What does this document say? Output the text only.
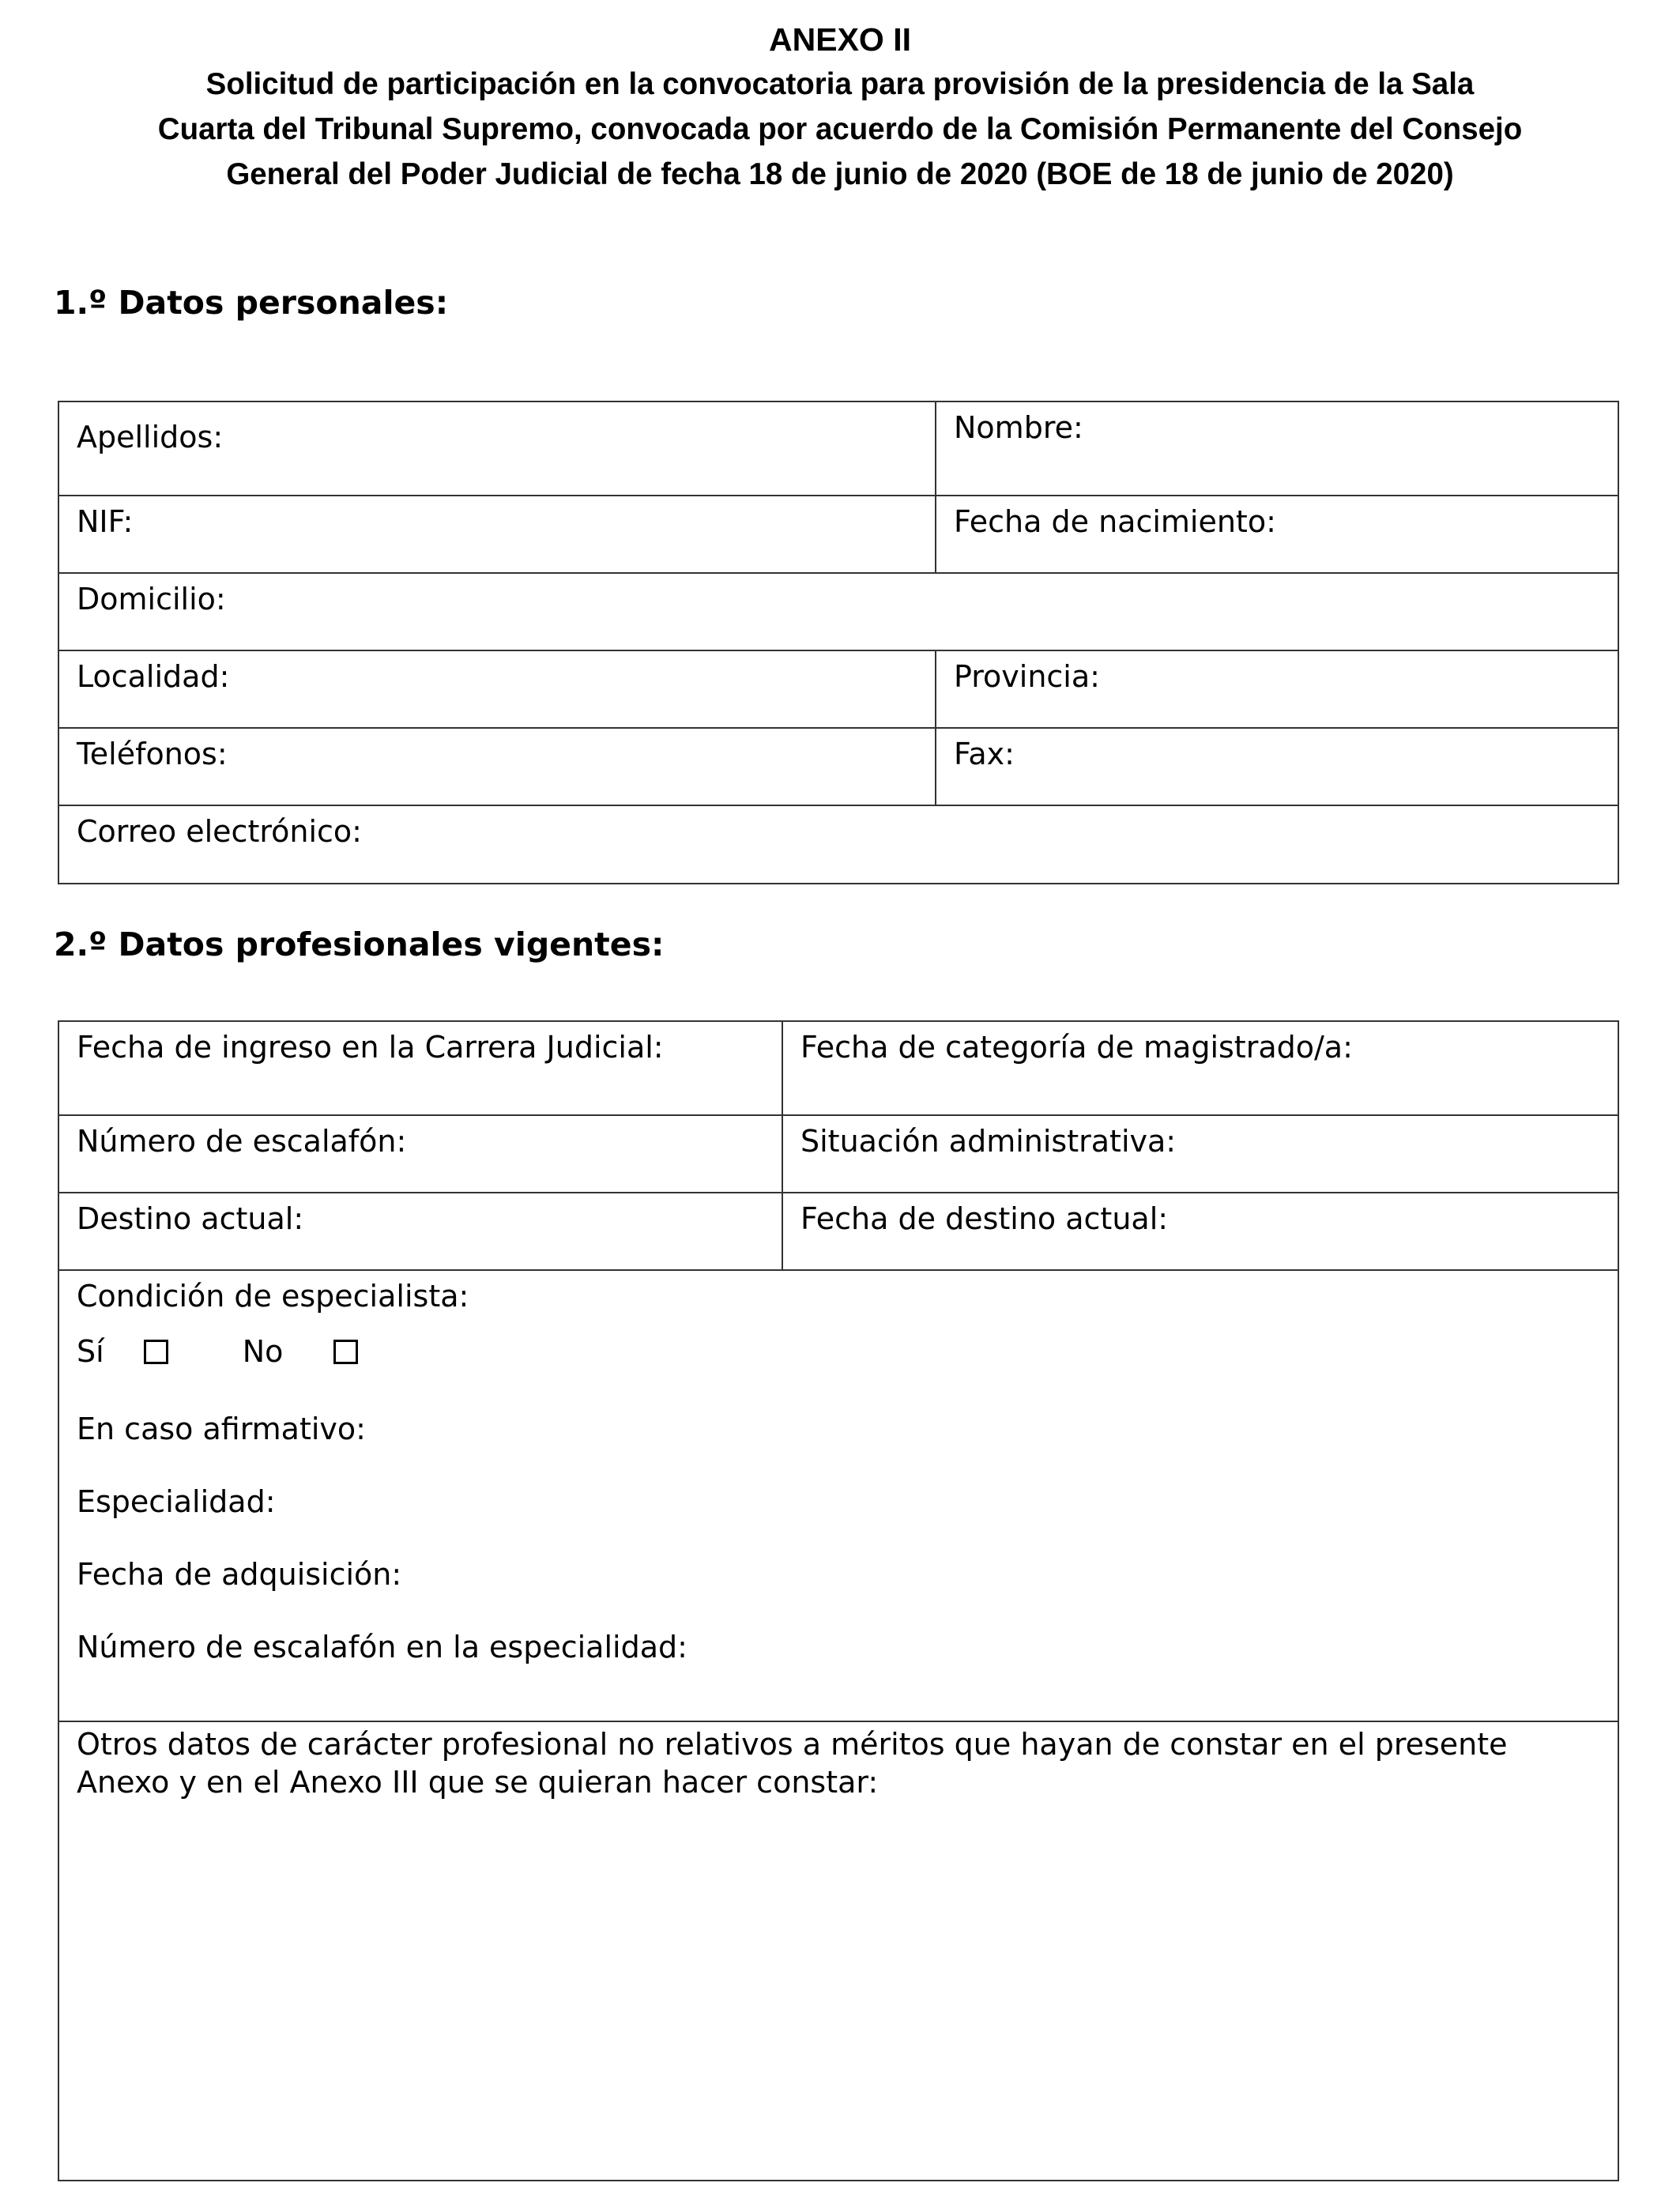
ANEXO II
Solicitud de participación en la convocatoria para provisión de la presidencia de la Sala
Cuarta del Tribunal Supremo, convocada por acuerdo de la Comisión Permanente del Consejo
General del Poder Judicial de fecha 18 de junio de 2020 (BOE de 18 de junio de 2020)
1.º Datos personales:
Apellidos:	Nombre:
NIF:	Fecha de nacimiento:
Domicilio:
Localidad:	Provincia:
Teléfonos:	Fax:
Correo electrónico:
2.º Datos profesionales vigentes:
Fecha de ingreso en la Carrera Judicial:	Fecha de categoría de magistrado/a:
Número de escalafón:	Situación administrativa:
Destino actual:	Fecha de destino actual:
Condición de especialista:
Sí	No
En caso afirmativo:
Especialidad:
Fecha de adquisición:
Número de escalafón en la especialidad:
Otros datos de carácter profesional no relativos a méritos que hayan de constar en el presente
Anexo y en el Anexo III que se quieran hacer constar:
